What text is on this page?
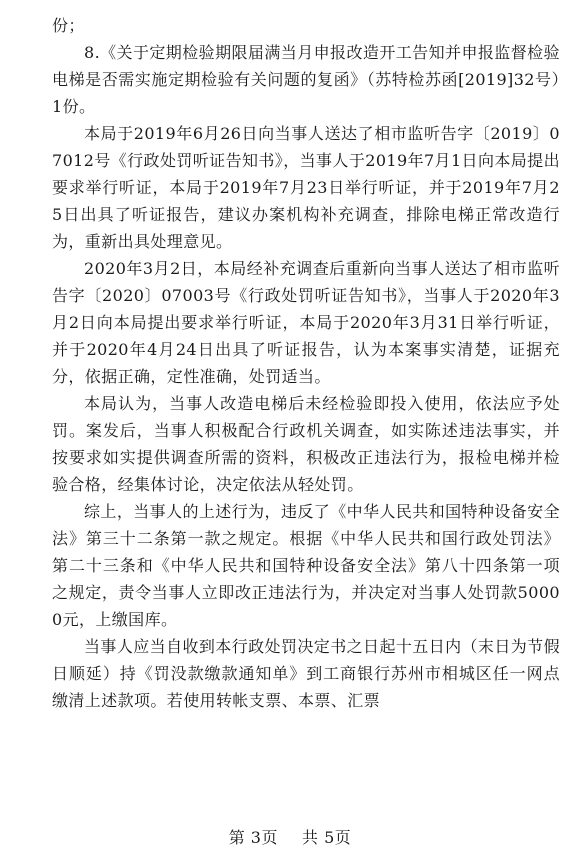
份；

8.《关于定期检验期限届满当月申报改造开工告知并申报监督检验电梯是否需实施定期检验有关问题的复函》（苏特检苏函[2019]32号）1份。

本局于2019年6月26日向当事人送达了相市监听告字〔2019〕07012号《行政处罚听证告知书》，当事人于2019年7月1日向本局提出要求举行听证，本局于2019年7月23日举行听证，并于2019年7月25日出具了听证报告，建议办案机构补充调查，排除电梯正常改造行为，重新出具处理意见。

2020年3月2日，本局经补充调查后重新向当事人送达了相市监听告字〔2020〕07003号《行政处罚听证告知书》，当事人于2020年3月2日向本局提出要求举行听证，本局于2020年3月31日举行听证，并于2020年4月24日出具了听证报告，认为本案事实清楚，证据充分，依据正确，定性准确，处罚适当。

本局认为，当事人改造电梯后未经检验即投入使用，依法应予处罚。案发后，当事人积极配合行政机关调查，如实陈述违法事实，并按要求如实提供调查所需的资料，积极改正违法行为，报检电梯并检验合格，经集体讨论，决定依法从轻处罚。

综上，当事人的上述行为，违反了《中华人民共和国特种设备安全法》第三十二条第一款之规定。根据《中华人民共和国行政处罚法》第二十三条和《中华人民共和国特种设备安全法》第八十四条第一项之规定，责令当事人立即改正违法行为，并决定对当事人处罚款50000元，上缴国库。

当事人应当自收到本行政处罚决定书之日起十五日内（末日为节假日顺延）持《罚没款缴款通知单》到工商银行苏州市相城区任一网点缴清上述款项。若使用转帐支票、本票、汇票

第 3页 共 5页
